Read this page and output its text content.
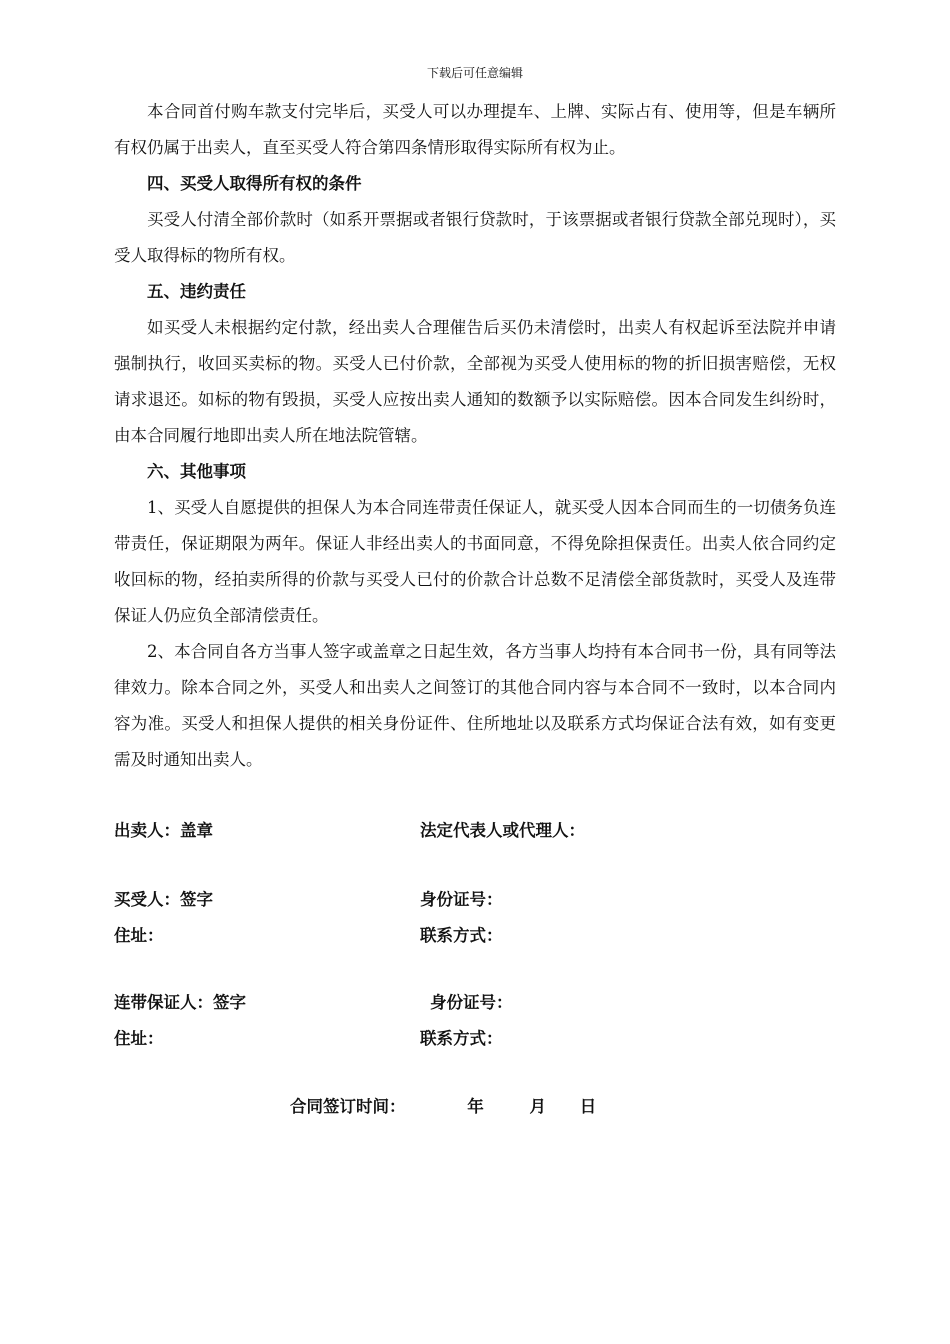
下载后可任意编辑

本合同首付购车款支付完毕后，买受人可以办理提车、上牌、实际占有、使用等，但是车辆所有权仍属于出卖人，直至买受人符合第四条情形取得实际所有权为止。

四、买受人取得所有权的条件

买受人付清全部价款时（如系开票据或者银行贷款时，于该票据或者银行贷款全部兑现时），买受人取得标的物所有权。

五、违约责任

如买受人未根据约定付款，经出卖人合理催告后买仍未清偿时，出卖人有权起诉至法院并申请强制执行，收回买卖标的物。买受人已付价款，全部视为买受人使用标的物的折旧损害赔偿，无权请求退还。如标的物有毁损，买受人应按出卖人通知的数额予以实际赔偿。因本合同发生纠纷时，由本合同履行地即出卖人所在地法院管辖。

六、其他事项

1、买受人自愿提供的担保人为本合同连带责任保证人，就买受人因本合同而生的一切债务负连带责任，保证期限为两年。保证人非经出卖人的书面同意，不得免除担保责任。出卖人依合同约定收回标的物，经拍卖所得的价款与买受人已付的价款合计总数不足清偿全部货款时，买受人及连带保证人仍应负全部清偿责任。

2、本合同自各方当事人签字或盖章之日起生效，各方当事人均持有本合同书一份，具有同等法律效力。除本合同之外，买受人和出卖人之间签订的其他合同内容与本合同不一致时，以本合同内容为准。买受人和担保人提供的相关身份证件、住所地址以及联系方式均保证合法有效，如有变更需及时通知出卖人。

出卖人：盖章	法定代表人或代理人：
买受人：签字	身份证号：
住址：	联系方式：
连带保证人：签字	身份证号：
住址：	联系方式：
合同签订时间：	年	月 日
